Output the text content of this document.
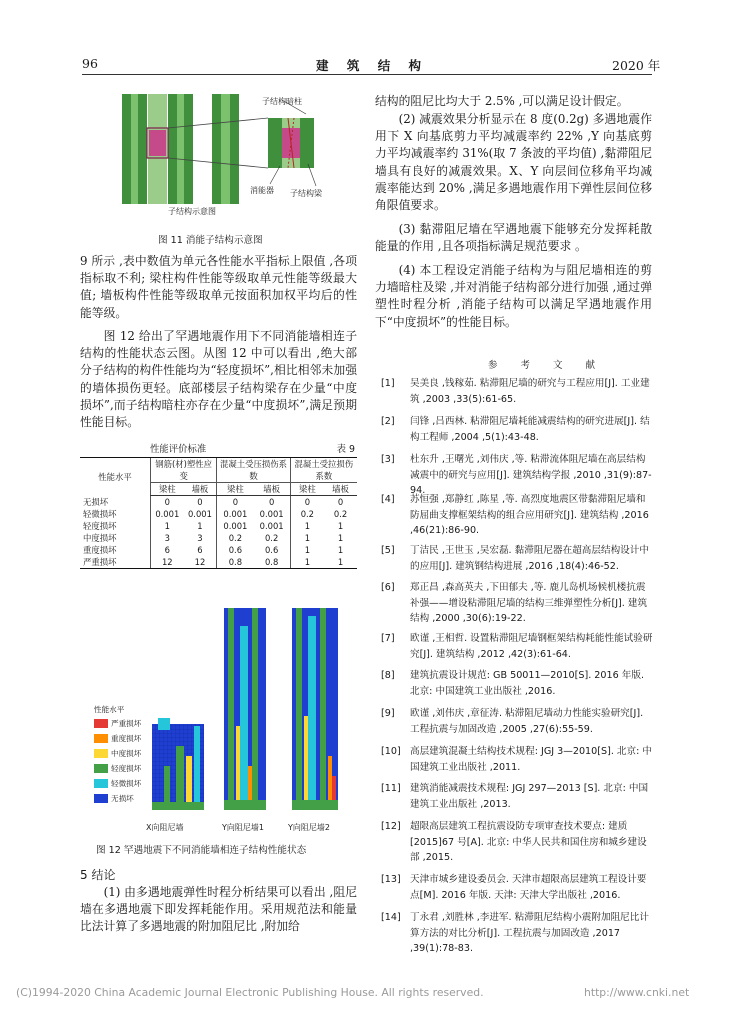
96	建 筑 结 构	2020 年
子结构暗柱
消能器 子结构梁
子结构示意图
图 11 消能子结构示意图

9 所示 ,表中数值为单元各性能水平指标上限值 ,各项指标取不利; 梁柱构件性能等级取单元性能等级最大值; 墙板构件性能等级取单元按面积加权平均后的性能等级。

图 12 给出了罕遇地震作用下不同消能墙相连子结构的性能状态云图。从图 12 中可以看出 ,绝大部分子结构的构件性能均为“轻度损坏”,相比相邻未加强的墙体损伤更轻。底部楼层子结构梁存在少量“中度损坏”,而子结构暗柱亦存在少量“中度损坏”,满足预期性能目标。

性能评价标准	表 9
性能水平	钢筋(材)塑性应变		混凝土受压损伤系数		混凝土受拉损伤系数	
	梁柱	墙板	梁柱	墙板	梁柱	墙板
无损坏	0	0	0	0	0	0
轻微损坏	0.001	0.001	0.001	0.001	0.2	0.2
轻度损坏	1	1	0.001	0.001	1	1
中度损坏	3	3	0.2	0.2	1	1
重度损坏	6	6	0.6	0.6	1	1
严重损坏	12	12	0.8	0.8	1	1
性能水平
严重损坏
重度损坏
中度损坏
轻度损坏
轻微损坏
无损坏
X向阻尼墙	Y向阻尼墙1	Y向阻尼墙2
图 12 罕遇地震下不同消能墙相连子结构性能状态
5 结论

(1) 由多遇地震弹性时程分析结果可以看出 ,阻尼墙在多遇地震下即发挥耗能作用。采用规范法和能量比法计算了多遇地震的附加阻尼比 ,附加给

结构的阻尼比均大于 2.5% ,可以满足设计假定。

(2) 减震效果分析显示在 8 度(0.2g) 多遇地震作用下 X 向基底剪力平均减震率约 22% ,Y 向基底剪力平均减震率约 31%(取 7 条波的平均值) ,黏滞阻尼墙具有良好的减震效果。X、Y 向层间位移角平均减震率能达到 20% ,满足多遇地震作用下弹性层间位移角限值要求。

(3) 黏滞阻尼墙在罕遇地震下能够充分发挥耗散能量的作用 ,且各项指标满足规范要求 。

(4) 本工程设定消能子结构为与阻尼墙相连的剪力墙暗柱及梁 ,并对消能子结构部分进行加强 ,通过弹塑性时程分析 ,消能子结构可以满足罕遇地震作用下“中度损坏”的性能目标。

参 考 文 献
[1] 吴美良 ,钱稼茹. 粘滞阻尼墙的研究与工程应用[J]. 工业建筑 ,2003 ,33(5):61-65.
[2] 闫锋 ,吕西林. 粘滞阻尼墙耗能减震结构的研究进展[J]. 结构工程师 ,2004 ,5(1):43-48.
[3] 杜东升 ,王曙光 ,刘伟庆 ,等. 粘滞流体阻尼墙在高层结构减震中的研究与应用[J]. 建筑结构学报 ,2010 ,31(9):87-94.
[4] 苏恒强 ,郑静红 ,陈星 ,等. 高烈度地震区带黏滞阻尼墙和防屈曲支撑框架结构的组合应用研究[J]. 建筑结构 ,2016 ,46(21):86-90.
[5] 丁洁民 ,王世玉 ,吴宏磊. 黏滞阻尼器在超高层结构设计中的应用[J]. 建筑钢结构进展 ,2016 ,18(4):46-52.
[6] 郑正昌 ,森高英夫 ,下田郁夫 ,等. 鹿儿岛机场候机楼抗震补强——增设粘滞阻尼墙的结构三维弹塑性分析[J]. 建筑结构 ,2000 ,30(6):19-22.
[7] 欧谨 ,王相哲. 设置粘滞阻尼墙钢框架结构耗能性能试验研究[J]. 建筑结构 ,2012 ,42(3):61-64.
[8] 建筑抗震设计规范: GB 50011—2010[S]. 2016 年版. 北京: 中国建筑工业出版社 ,2016.
[9] 欧谨 ,刘伟庆 ,章征涛. 粘滞阻尼墙动力性能实验研究[J]. 工程抗震与加固改造 ,2005 ,27(6):55-59.
[10] 高层建筑混凝土结构技术规程: JGJ 3—2010[S]. 北京: 中国建筑工业出版社 ,2011.
[11] 建筑消能减震技术规程: JGJ 297—2013 [S]. 北京: 中国建筑工业出版社 ,2013.
[12] 超限高层建筑工程抗震设防专项审查技术要点: 建质[2015]67 号[A]. 北京: 中华人民共和国住房和城乡建设部 ,2015.
[13] 天津市城乡建设委员会. 天津市超限高层建筑工程设计要点[M]. 2016 年版. 天津: 天津大学出版社 ,2016.
[14] 丁永君 ,刘胜林 ,李进军. 粘滞阻尼结构小震附加阻尼比计算方法的对比分析[J]. 工程抗震与加固改造 ,2017 ,39(1):78-83.
(C)1994-2020 China Academic Journal Electronic Publishing House. All rights reserved.	http://www.cnki.net
